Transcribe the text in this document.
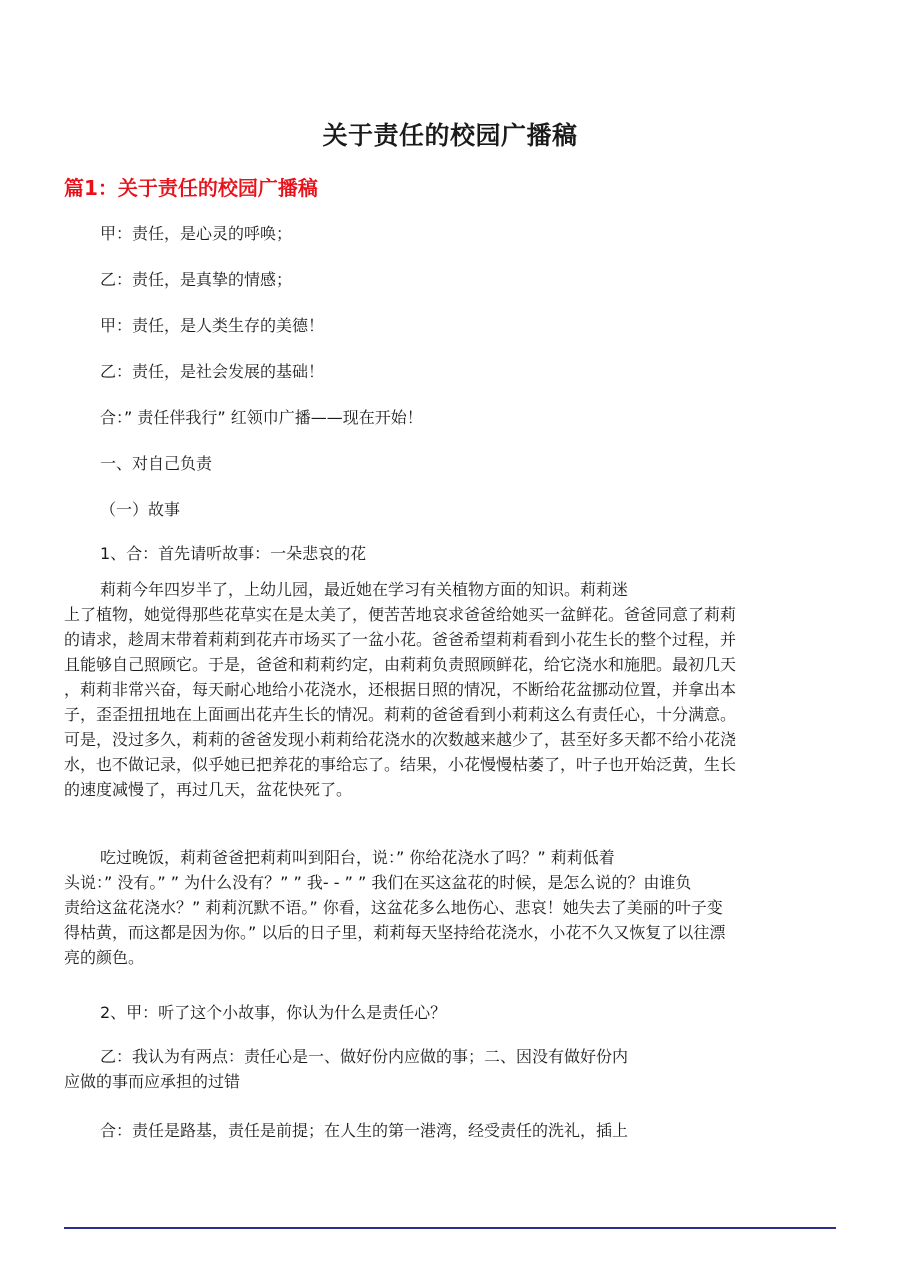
关于责任的校园广播稿
篇1：关于责任的校园广播稿

甲：责任，是心灵的呼唤；

乙：责任，是真挚的情感；

甲：责任，是人类生存的美德！

乙：责任，是社会发展的基础！

合：” 责任伴我行” 红领巾广播——现在开始！

一、对自己负责

（一）故事

1、合：首先请听故事：一朵悲哀的花

莉莉今年四岁半了，上幼儿园，最近她在学习有关植物方面的知识。莉莉迷
上了植物，她觉得那些花草实在是太美了，便苦苦地哀求爸爸给她买一盆鲜花。爸爸同意了莉莉
的请求，趁周末带着莉莉到花卉市场买了一盆小花。爸爸希望莉莉看到小花生长的整个过程，并
且能够自己照顾它。于是，爸爸和莉莉约定，由莉莉负责照顾鲜花，给它浇水和施肥。最初几天
，莉莉非常兴奋，每天耐心地给小花浇水，还根据日照的情况，不断给花盆挪动位置，并拿出本
子，歪歪扭扭地在上面画出花卉生长的情况。莉莉的爸爸看到小莉莉这么有责任心，十分满意。
可是，没过多久，莉莉的爸爸发现小莉莉给花浇水的次数越来越少了，甚至好多天都不给小花浇
水，也不做记录，似乎她已把养花的事给忘了。结果，小花慢慢枯萎了，叶子也开始泛黄，生长
的速度减慢了，再过几天，盆花快死了。
吃过晚饭，莉莉爸爸把莉莉叫到阳台，说：” 你给花浇水了吗？” 莉莉低着
头说：” 没有。” ” 为什么没有？” ” 我- - ” ” 我们在买这盆花的时候，是怎么说的？由谁负
责给这盆花浇水？” 莉莉沉默不语。” 你看，这盆花多么地伤心、悲哀！她失去了美丽的叶子变
得枯黄，而这都是因为你。” 以后的日子里，莉莉每天坚持给花浇水，小花不久又恢复了以往漂
亮的颜色。

2、甲：听了这个小故事，你认为什么是责任心？

乙：我认为有两点：责任心是一、做好份内应做的事；二、因没有做好份内
应做的事而应承担的过错

合：责任是路基，责任是前提；在人生的第一港湾，经受责任的洗礼，插上
